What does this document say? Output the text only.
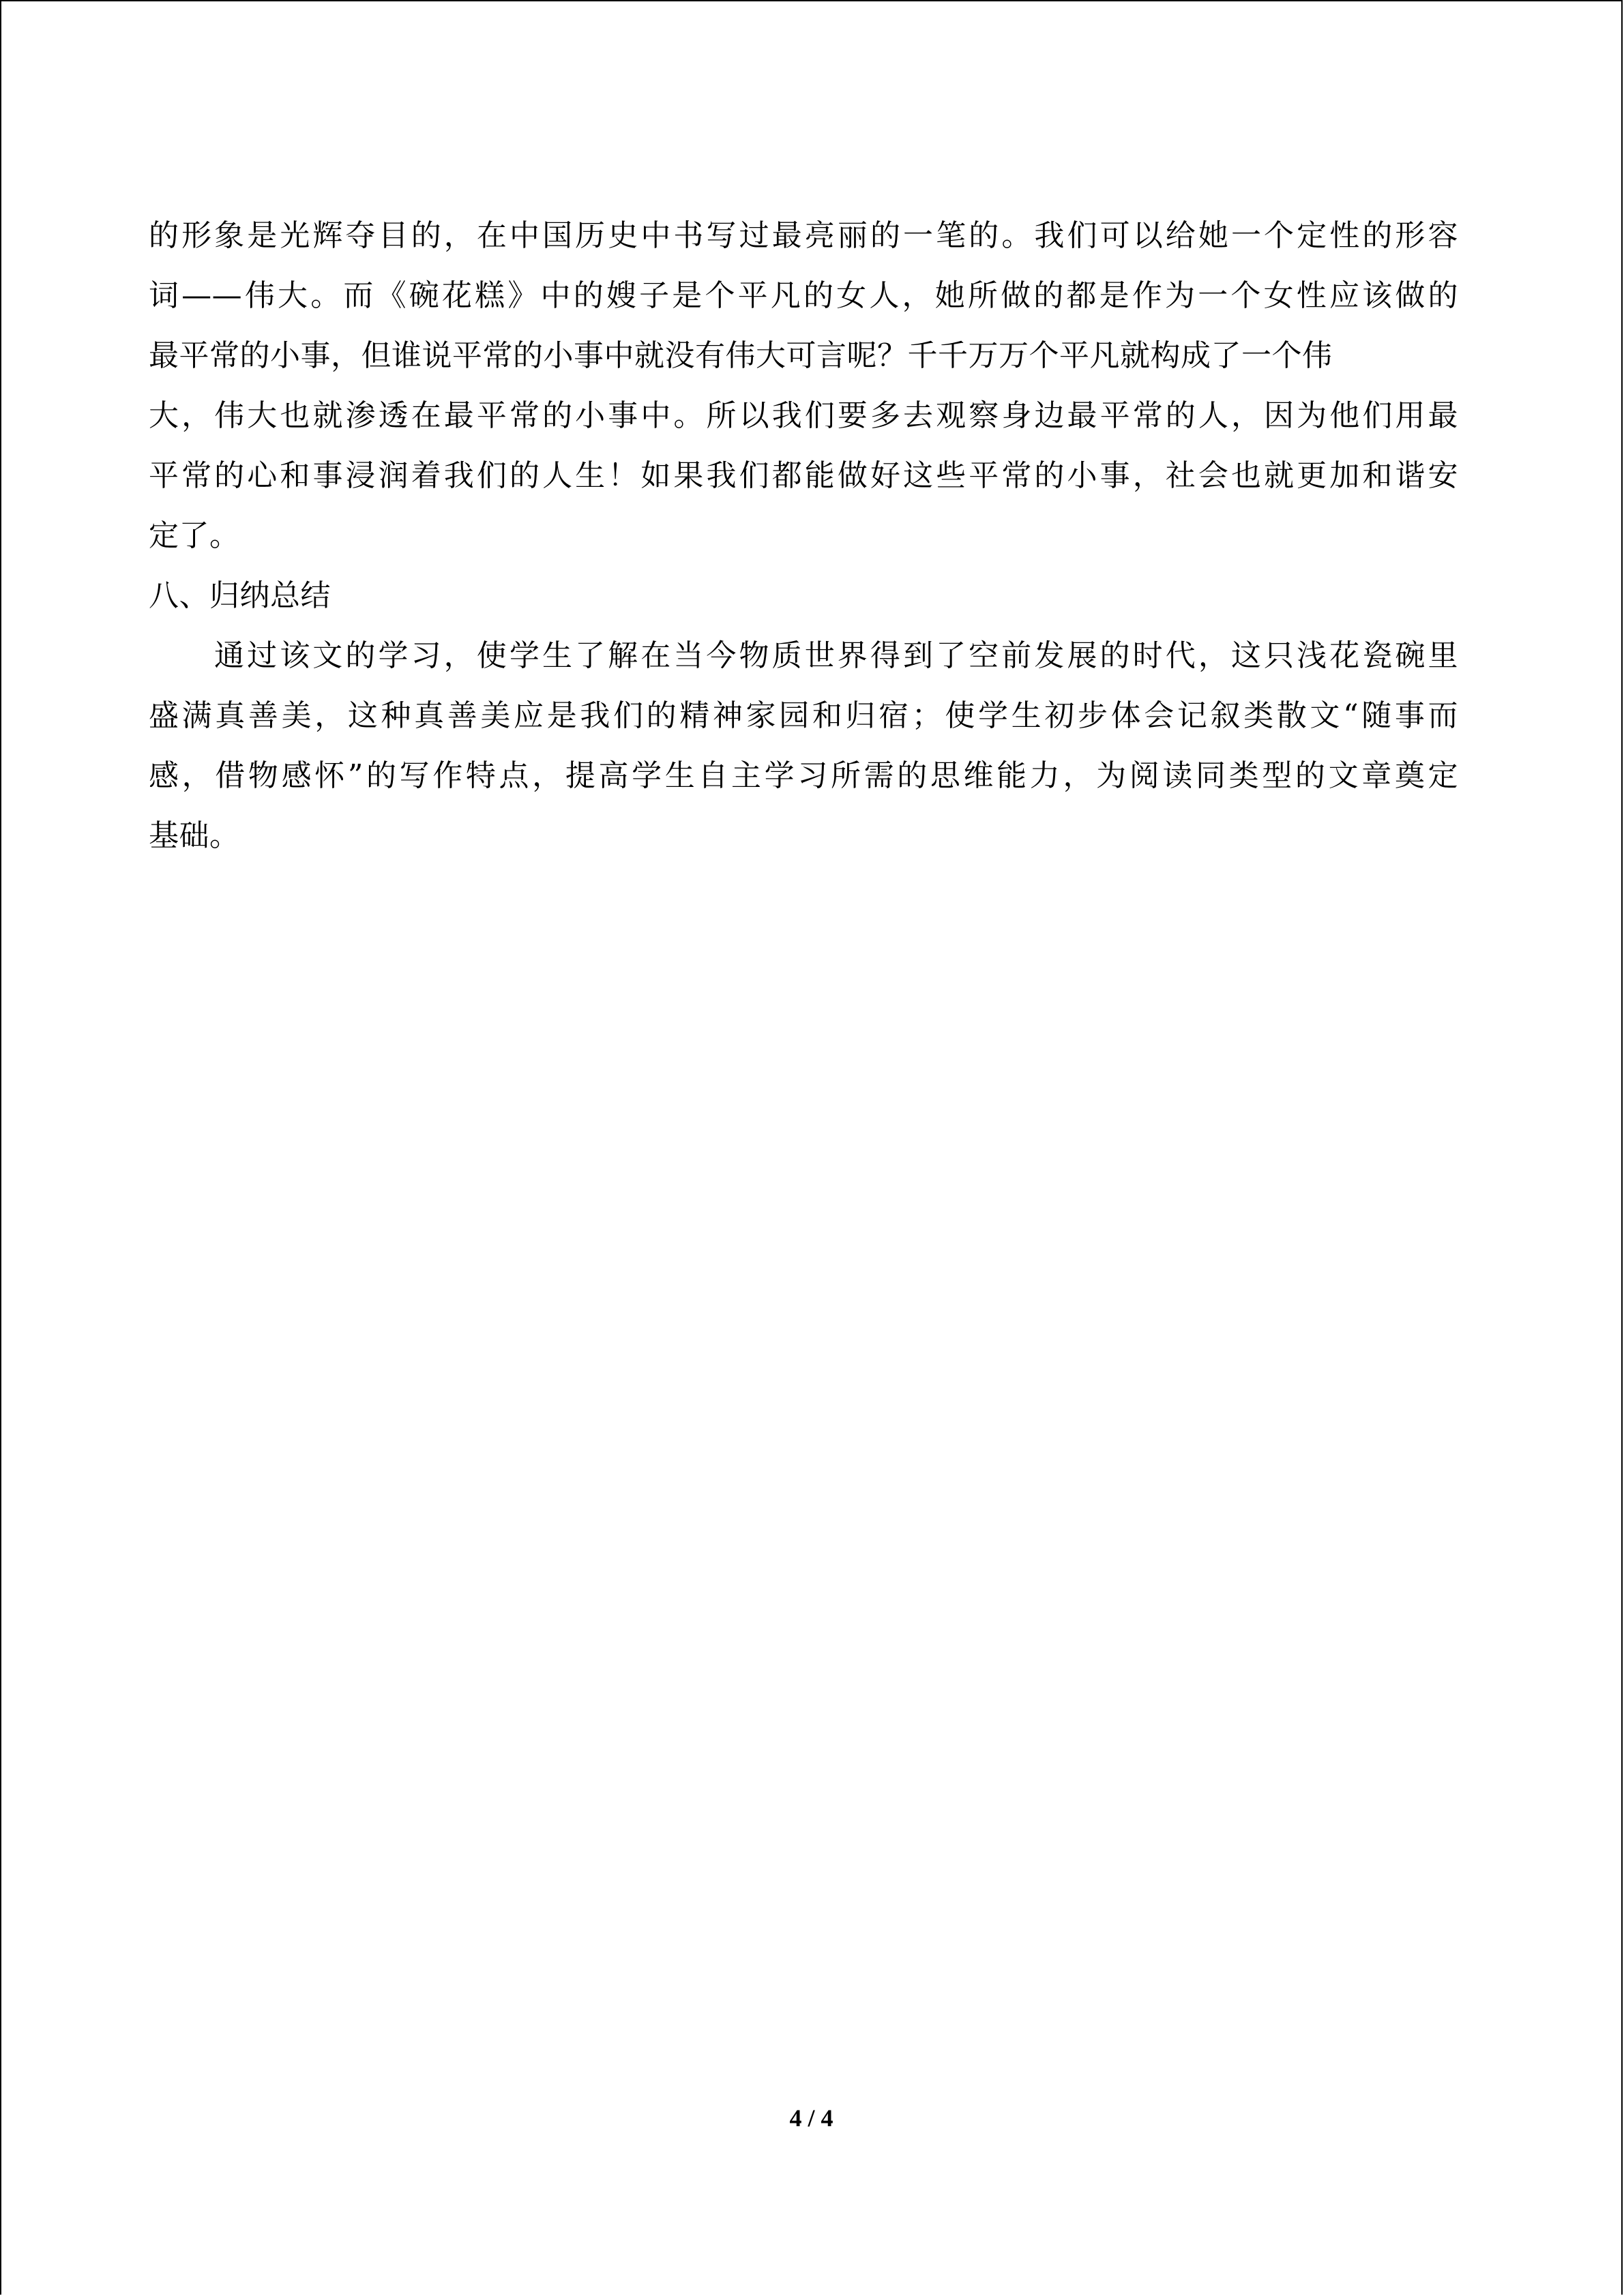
的形象是光辉夺目的，在中国历史中书写过最亮丽的一笔的。我们可以给她一个定性的形容
词——伟大。而《碗花糕》中的嫂子是个平凡的女人，她所做的都是作为一个女性应该做的
最平常的小事，但谁说平常的小事中就没有伟大可言呢？千千万万个平凡就构成了一个伟
大，伟大也就渗透在最平常的小事中。所以我们要多去观察身边最平常的人，因为他们用最
平常的心和事浸润着我们的人生！如果我们都能做好这些平常的小事，社会也就更加和谐安
定了。
八、归纳总结
通过该文的学习，使学生了解在当今物质世界得到了空前发展的时代，这只浅花瓷碗里
盛满真善美，这种真善美应是我们的精神家园和归宿；使学生初步体会记叙类散文“随事而
感，借物感怀”的写作特点，提高学生自主学习所需的思维能力，为阅读同类型的文章奠定
基础。
4 / 4
